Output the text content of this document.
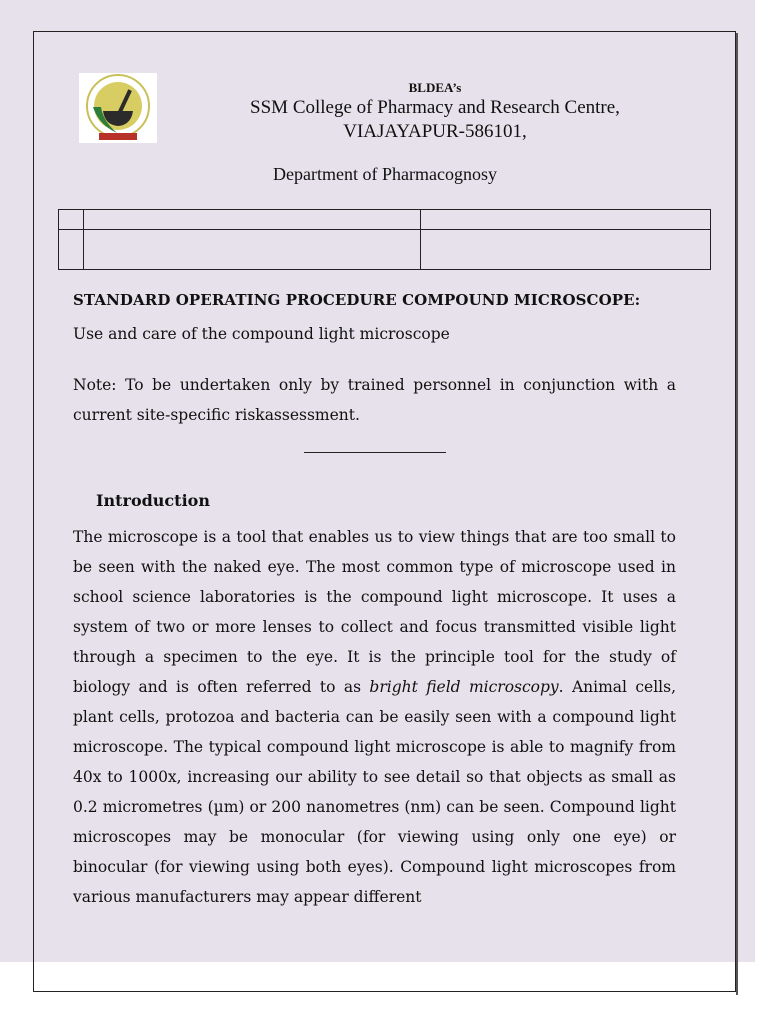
BLDEA’s
SSM College of Pharmacy and Research Centre,
VIAJAYAPUR-586101,
Department of Pharmacognosy

STANDARD OPERATING PROCEDURE COMPOUND MICROSCOPE:
Use and care of the compound light microscope
Note: To be undertaken only by trained personnel in conjunction with a current site-specific riskassessment.
Introduction

The microscope is a tool that enables us to view things that are too small to be seen with the naked eye. The most common type of microscope used in school science laboratories is the compound light microscope. It uses a system of two or more lenses to collect and focus transmitted visible light through a specimen to the eye. It is the principle tool for the study of biology and is often referred to as bright field microscopy. Animal cells, plant cells, protozoa and bacteria can be easily seen with a compound light microscope. The typical compound light microscope is able to magnify from 40x to 1000x, increasing our ability to see detail so that objects as small as 0.2 micrometres (µm) or 200 nanometres (nm) can be seen. Compound light microscopes may be monocular (for viewing using only one eye) or binocular (for viewing using both eyes). Compound light microscopes from various manufacturers may appear different
